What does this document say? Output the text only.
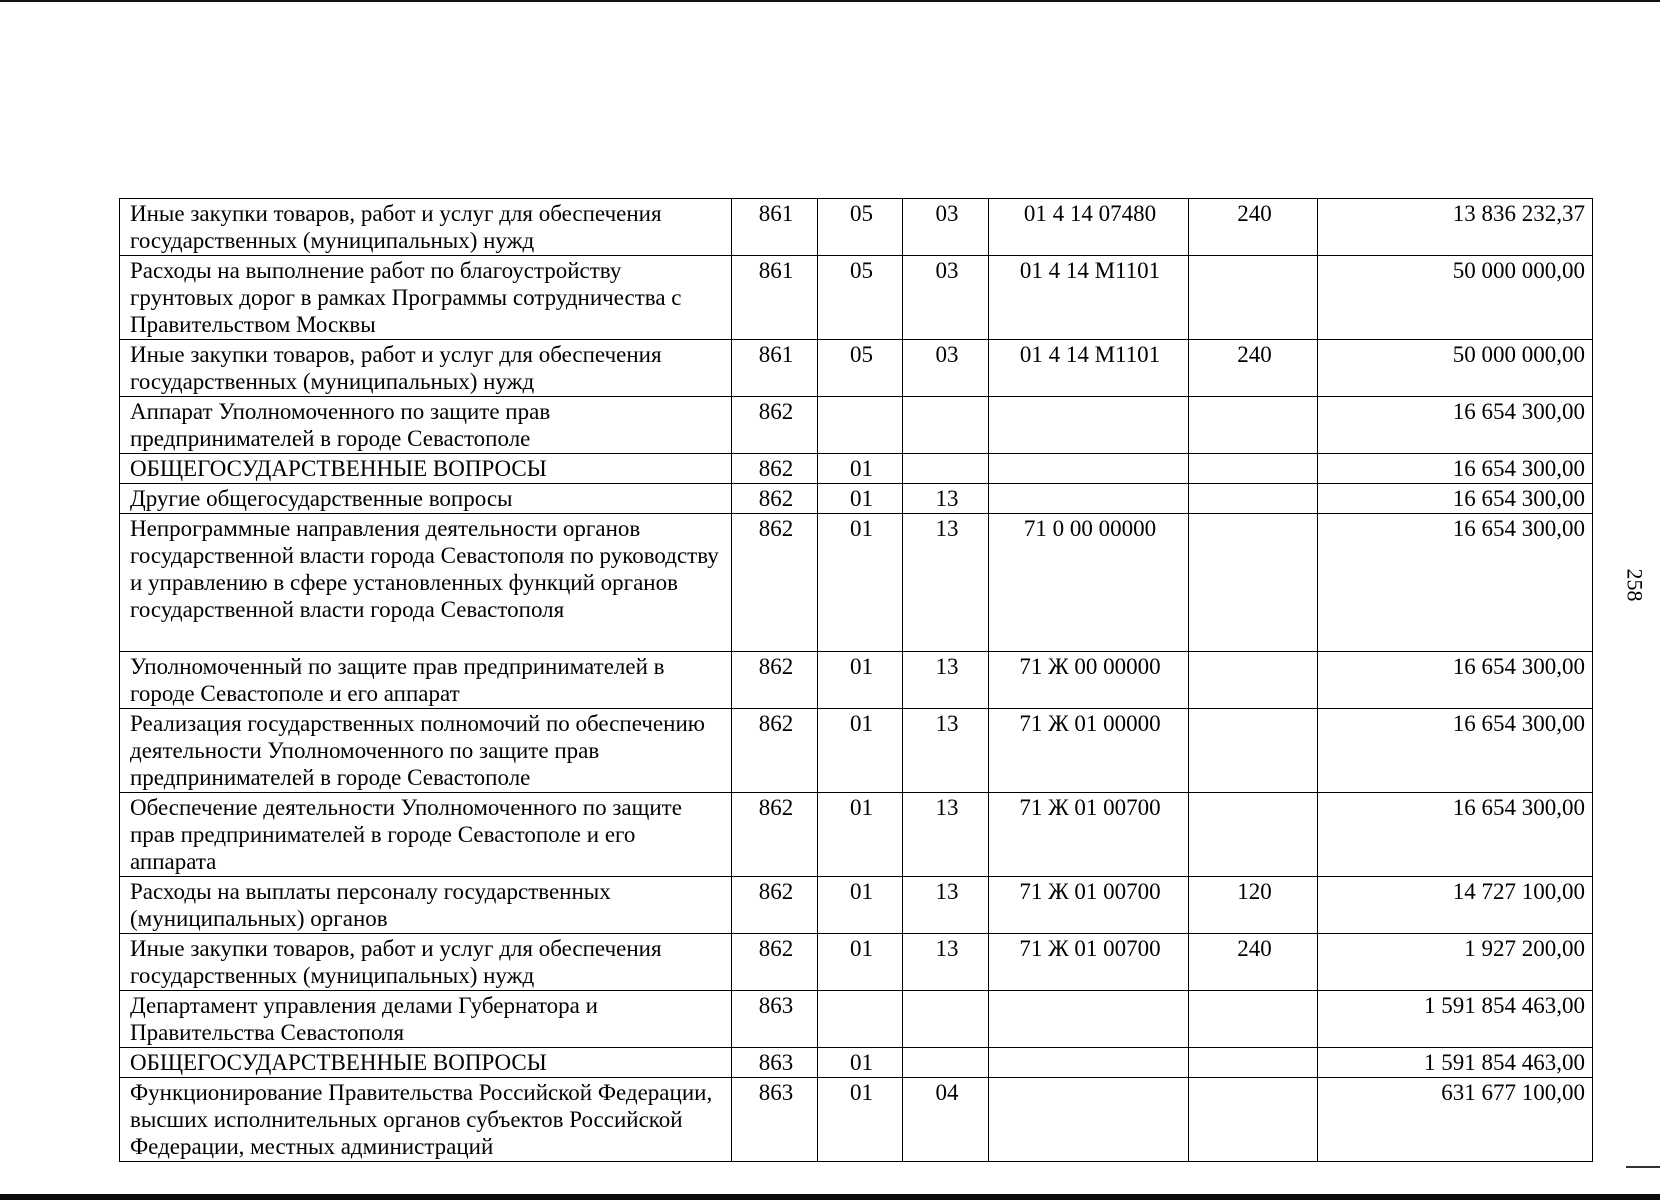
Иные закупки товаров, работ и услуг для обеспечения государственных (муниципальных) нужд	861	05	03	01 4 14 07480	240	13 836 232,37
Расходы на выполнение работ по благоустройству грунтовых дорог в рамках Программы сотрудничества с Правительством Москвы	861	05	03	01 4 14 М1101		50 000 000,00
Иные закупки товаров, работ и услуг для обеспечения государственных (муниципальных) нужд	861	05	03	01 4 14 М1101	240	50 000 000,00
Аппарат Уполномоченного по защите прав предпринимателей в городе Севастополе	862					16 654 300,00
ОБЩЕГОСУДАРСТВЕННЫЕ ВОПРОСЫ	862	01				16 654 300,00
Другие общегосударственные вопросы	862	01	13			16 654 300,00
Непрограммные направления деятельности органов государственной власти города Севастополя по руководству и управлению в сфере установленных функций органов государственной власти города Севастополя	862	01	13	71 0 00 00000		16 654 300,00
Уполномоченный по защите прав предпринимателей в городе Севастополе и его аппарат	862	01	13	71 Ж 00 00000		16 654 300,00
Реализация государственных полномочий по обеспечению деятельности Уполномоченного по защите прав предпринимателей в городе Севастополе	862	01	13	71 Ж 01 00000		16 654 300,00
Обеспечение деятельности Уполномоченного по защите прав предпринимателей в городе Севастополе и его аппарата	862	01	13	71 Ж 01 00700		16 654 300,00
Расходы на выплаты персоналу государственных (муниципальных) органов	862	01	13	71 Ж 01 00700	120	14 727 100,00
Иные закупки товаров, работ и услуг для обеспечения государственных (муниципальных) нужд	862	01	13	71 Ж 01 00700	240	1 927 200,00
Департамент управления делами Губернатора и Правительства Севастополя	863					1 591 854 463,00
ОБЩЕГОСУДАРСТВЕННЫЕ ВОПРОСЫ	863	01				1 591 854 463,00
Функционирование Правительства Российской Федерации, высших исполнительных органов субъектов Российской Федерации, местных администраций	863	01	04			631 677 100,00
258
